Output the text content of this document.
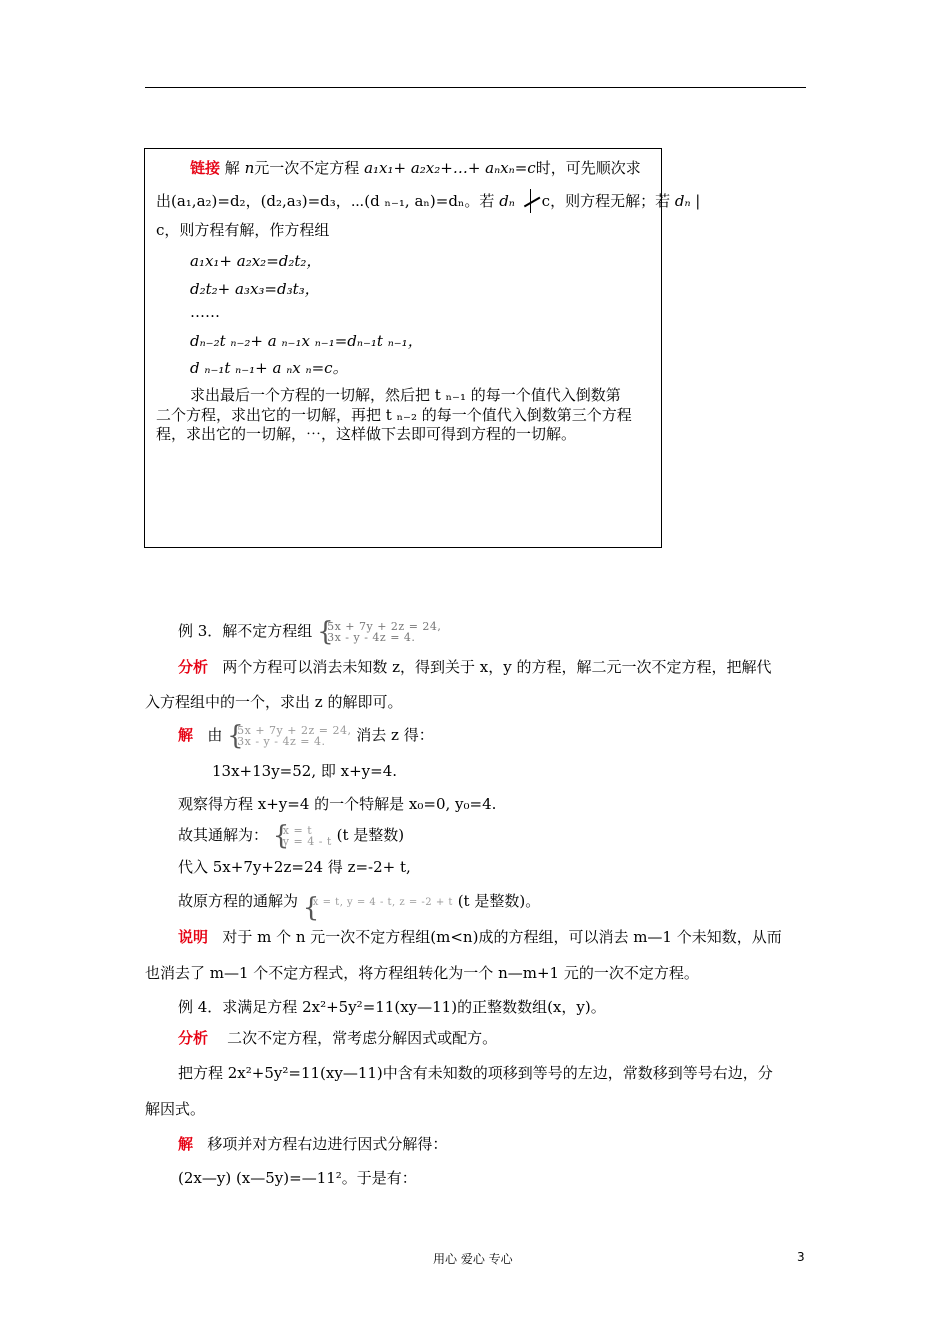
链接 解 n元一次不定方程 a₁x₁+ a₂x₂+…+ aₙxₙ=c时，可先顺次求
出(a₁,a₂)=d₂，(d₂,a₃)=d₃，⋯(d ₙ₋₁, aₙ)=dₙ。若 dₙ c，则方程无解；若 dₙ |
c，则方程有解，作方程组
a₁x₁+ a₂x₂=d₂t₂，
d₂t₂+ a₃x₃=d₃t₃，
……
dₙ₋₂t ₙ₋₂+ a ₙ₋₁x ₙ₋₁=dₙ₋₁t ₙ₋₁，
d ₙ₋₁t ₙ₋₁+ a ₙx ₙ=c。
求出最后一个方程的一切解，然后把 t ₙ₋₁ 的每一个值代入倒数第
二个方程，求出它的一切解，再把 t ₙ₋₂ 的每一个值代入倒数第三个方程
程，求出它的一切解，⋯，这样做下去即可得到方程的一切解。
例 3．解不定方程组 {
5x + 7y + 2z = 24,
3x - y - 4z = 4.
分析 两个方程可以消去未知数 z，得到关于 x，y 的方程，解二元一次不定方程，把解代
入方程组中的一个，求出 z 的解即可。
解 由 {
5x + 7y + 2z = 24,
3x - y - 4z = 4. 消去 z 得：
13x+13y=52, 即 x+y=4.
观察得方程 x+y=4 的一个特解是 x₀=0, y₀=4.
故其通解为： {
x = t
y = 4 - t (t 是整数)
代入 5x+7y+2z=24 得 z=-2+ t,
故原方程的通解为 {
x = t, y = 4 - t, z = -2 + t (t 是整数)。
说明 对于 m 个 n 元一次不定方程组(m<n)成的方程组，可以消去 m—1 个未知数，从而
也消去了 m—1 个不定方程式，将方程组转化为一个 n—m+1 元的一次不定方程。
例 4．求满足方程 2x²+5y²=11(xy—11)的正整数数组(x，y)。
分析 二次不定方程，常考虑分解因式或配方。
把方程 2x²+5y²=11(xy—11)中含有未知数的项移到等号的左边，常数移到等号右边，分
解因式。
解 移项并对方程右边进行因式分解得：
(2x—y) (x—5y)=—11²。于是有：
用心 爱心 专心	3
